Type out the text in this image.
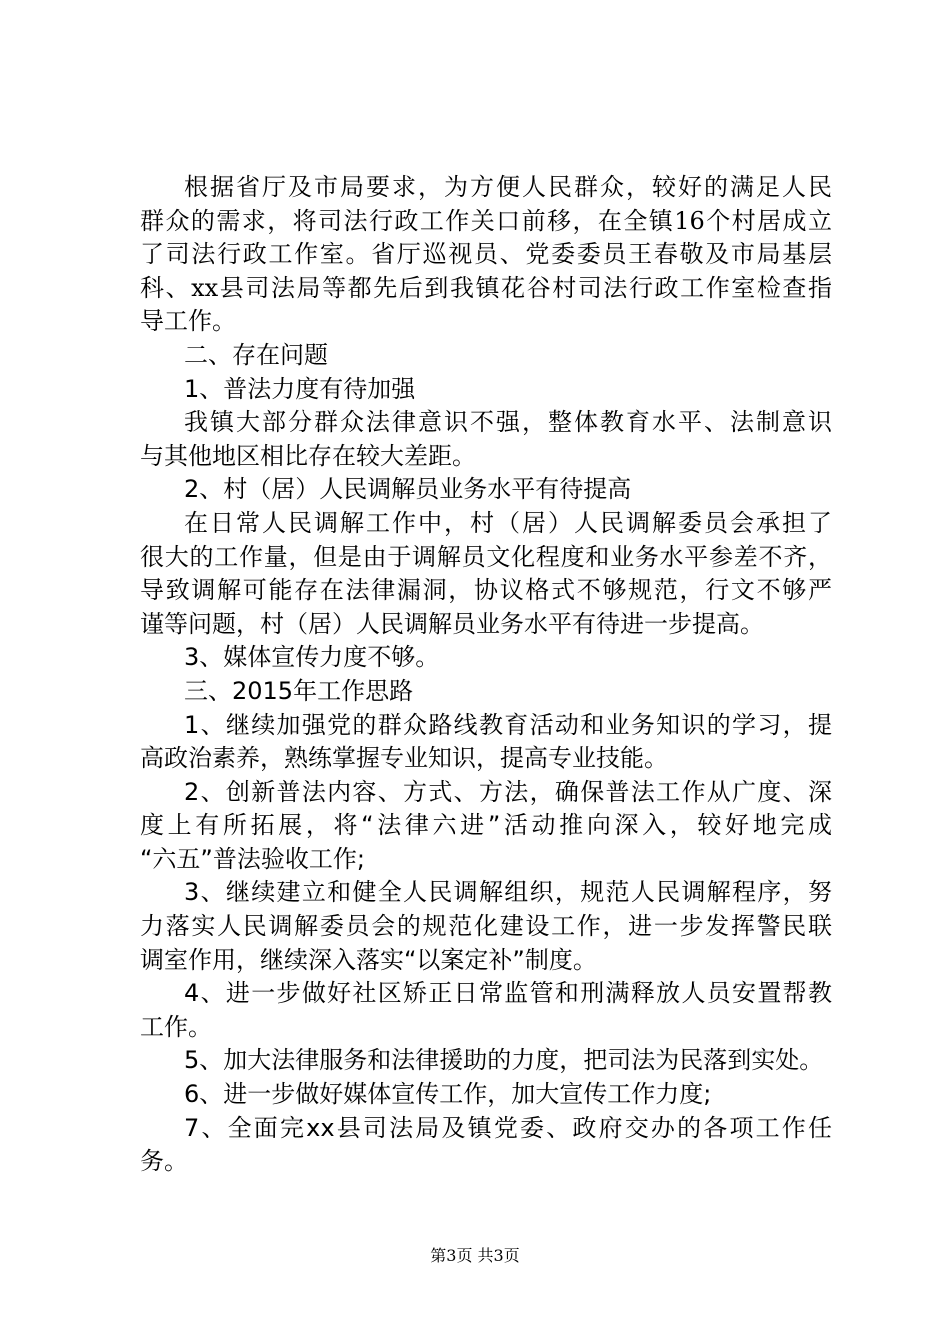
根据省厅及市局要求，为方便人民群众，较好的满足人民
群众的需求，将司法行政工作关口前移，在全镇16个村居成立
了司法行政工作室。省厅巡视员、党委委员王春敬及市局基层
科、xx县司法局等都先后到我镇花谷村司法行政工作室检查指
导工作。
二、存在问题
1、普法力度有待加强
我镇大部分群众法律意识不强，整体教育水平、法制意识
与其他地区相比存在较大差距。
2、村（居）人民调解员业务水平有待提高
在日常人民调解工作中，村（居）人民调解委员会承担了
很大的工作量，但是由于调解员文化程度和业务水平参差不齐，
导致调解可能存在法律漏洞，协议格式不够规范，行文不够严
谨等问题，村（居）人民调解员业务水平有待进一步提高。
3、媒体宣传力度不够。
三、2015年工作思路
1、继续加强党的群众路线教育活动和业务知识的学习，提
高政治素养，熟练掌握专业知识，提高专业技能。
2、创新普法内容、方式、方法，确保普法工作从广度、深
度上有所拓展，将“法律六进”活动推向深入，较好地完成
“六五”普法验收工作;
3、继续建立和健全人民调解组织，规范人民调解程序，努
力落实人民调解委员会的规范化建设工作，进一步发挥警民联
调室作用，继续深入落实“以案定补”制度。
4、进一步做好社区矫正日常监管和刑满释放人员安置帮教
工作。
5、加大法律服务和法律援助的力度，把司法为民落到实处。
6、进一步做好媒体宣传工作，加大宣传工作力度;
7、全面完xx县司法局及镇党委、政府交办的各项工作任
务。
第3页 共3页
